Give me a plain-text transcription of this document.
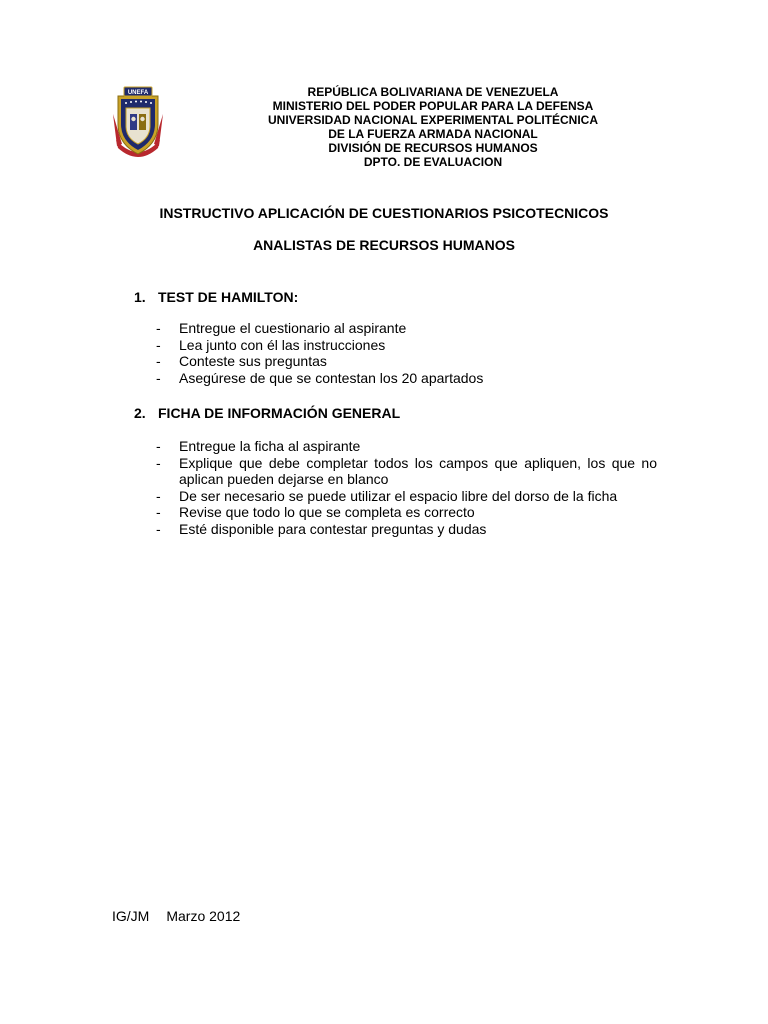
UNEFA	REPÚBLICA BOLIVARIANA DE VENEZUELA
MINISTERIO DEL PODER POPULAR PARA LA DEFENSA
UNIVERSIDAD NACIONAL EXPERIMENTAL POLITÉCNICA
DE LA FUERZA ARMADA NACIONAL
DIVISIÓN DE RECURSOS HUMANOS
DPTO. DE EVALUACION
INSTRUCTIVO APLICACIÓN DE CUESTIONARIOS PSICOTECNICOS
ANALISTAS DE RECURSOS HUMANOS
1. TEST DE HAMILTON:
- Entregue el cuestionario al aspirante
- Lea junto con él las instrucciones
- Conteste sus preguntas
- Asegúrese de que se contestan los 20 apartados
2. FICHA DE INFORMACIÓN GENERAL
- Entregue la ficha al aspirante
- Explique que debe completar todos los campos que apliquen, los que no aplican pueden dejarse en blanco
- De ser necesario se puede utilizar el espacio libre del dorso de la ficha
- Revise que todo lo que se completa es correcto
- Esté disponible para contestar preguntas y dudas
IG/JM Marzo 2012
